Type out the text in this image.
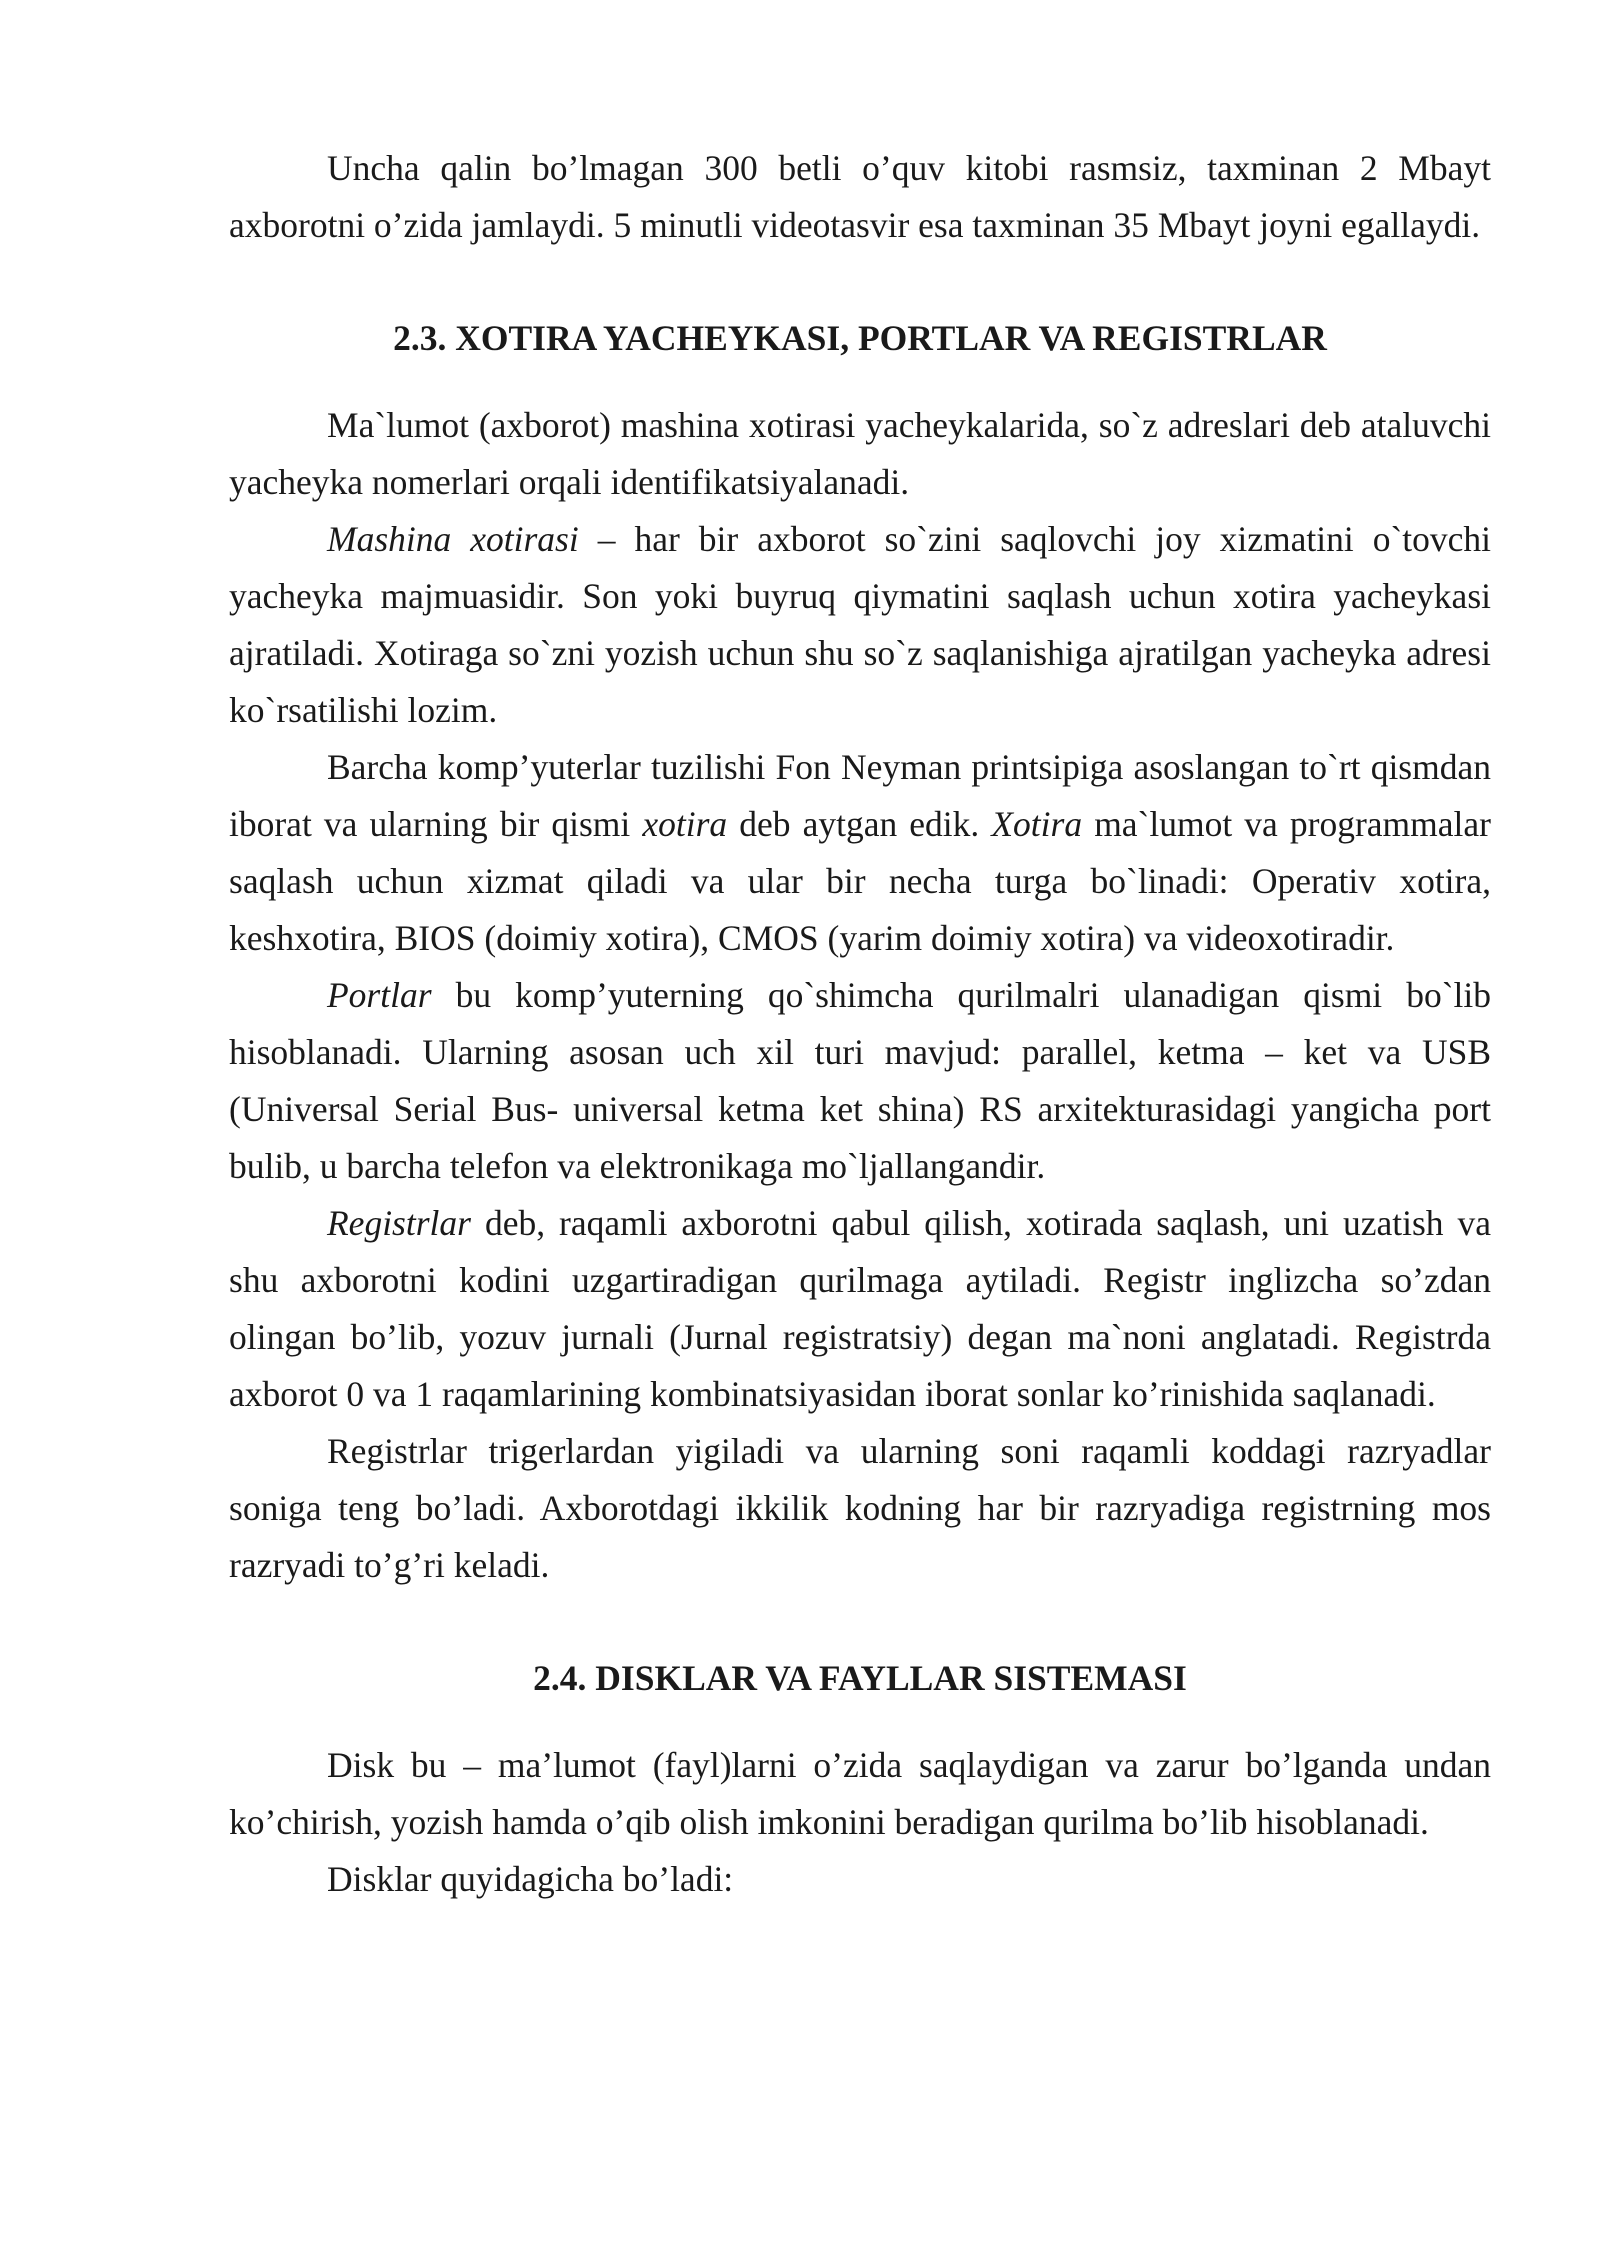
Uncha qalin bo’lmagan 300 betli o’quv kitobi rasmsiz, taxminan 2 Mbayt axborotni o’zida jamlaydi. 5 minutli videotasvir esa taxminan 35 Mbayt joyni egallaydi.

2.3. XOTIRA YACHEYKASI, PORTLAR VA REGISTRLAR

Ma`lumot (axborot) mashina xotirasi yacheykalarida, so`z adreslari deb ataluvchi yacheyka nomerlari orqali identifikatsiyalanadi.

Mashina xotirasi – har bir axborot so`zini saqlovchi joy xizmatini o`tovchi yacheyka majmuasidir. Son yoki buyruq qiymatini saqlash uchun xotira yacheykasi ajratiladi. Xotiraga so`zni yozish uchun shu so`z saqlanishiga ajratilgan yacheyka adresi ko`rsatilishi lozim.

Barcha komp’yuterlar tuzilishi Fon Neyman printsipiga asoslangan to`rt qismdan iborat va ularning bir qismi xotira deb aytgan edik. Xotira ma`lumot va programmalar saqlash uchun xizmat qiladi va ular bir necha turga bo`linadi: Operativ xotira, keshxotira, BIOS (doimiy xotira), CMOS (yarim doimiy xotira) va videoxotiradir.

Portlar bu komp’yuterning qo`shimcha qurilmalri ulanadigan qismi bo`lib hisoblanadi. Ularning asosan uch xil turi mavjud: parallel, ketma – ket va USB (Universal Serial Bus- universal ketma ket shina) RS arxitekturasidagi yangicha port bulib, u barcha telefon va elektronikaga mo`ljallangandir.

Registrlar deb, raqamli axborotni qabul qilish, xotirada saqlash, uni uzatish va shu axborotni kodini uzgartiradigan qurilmaga aytiladi. Registr inglizcha so’zdan olingan bo’lib, yozuv jurnali (Jurnal registratsiy) degan ma`noni anglatadi. Registrda axborot 0 va 1 raqamlarining kombinatsiyasidan iborat sonlar ko’rinishida saqlanadi.

Registrlar trigerlardan yigiladi va ularning soni raqamli koddagi razryadlar soniga teng bo’ladi. Axborotdagi ikkilik kodning har bir razryadiga registrning mos razryadi to’g’ri keladi.

2.4. DISKLAR VA FAYLLAR SISTEMASI

Disk bu – ma’lumot (fayl)larni o’zida saqlaydigan va zarur bo’lganda undan ko’chirish, yozish hamda o’qib olish imkonini beradigan qurilma bo’lib hisoblanadi.

Disklar quyidagicha bo’ladi:
